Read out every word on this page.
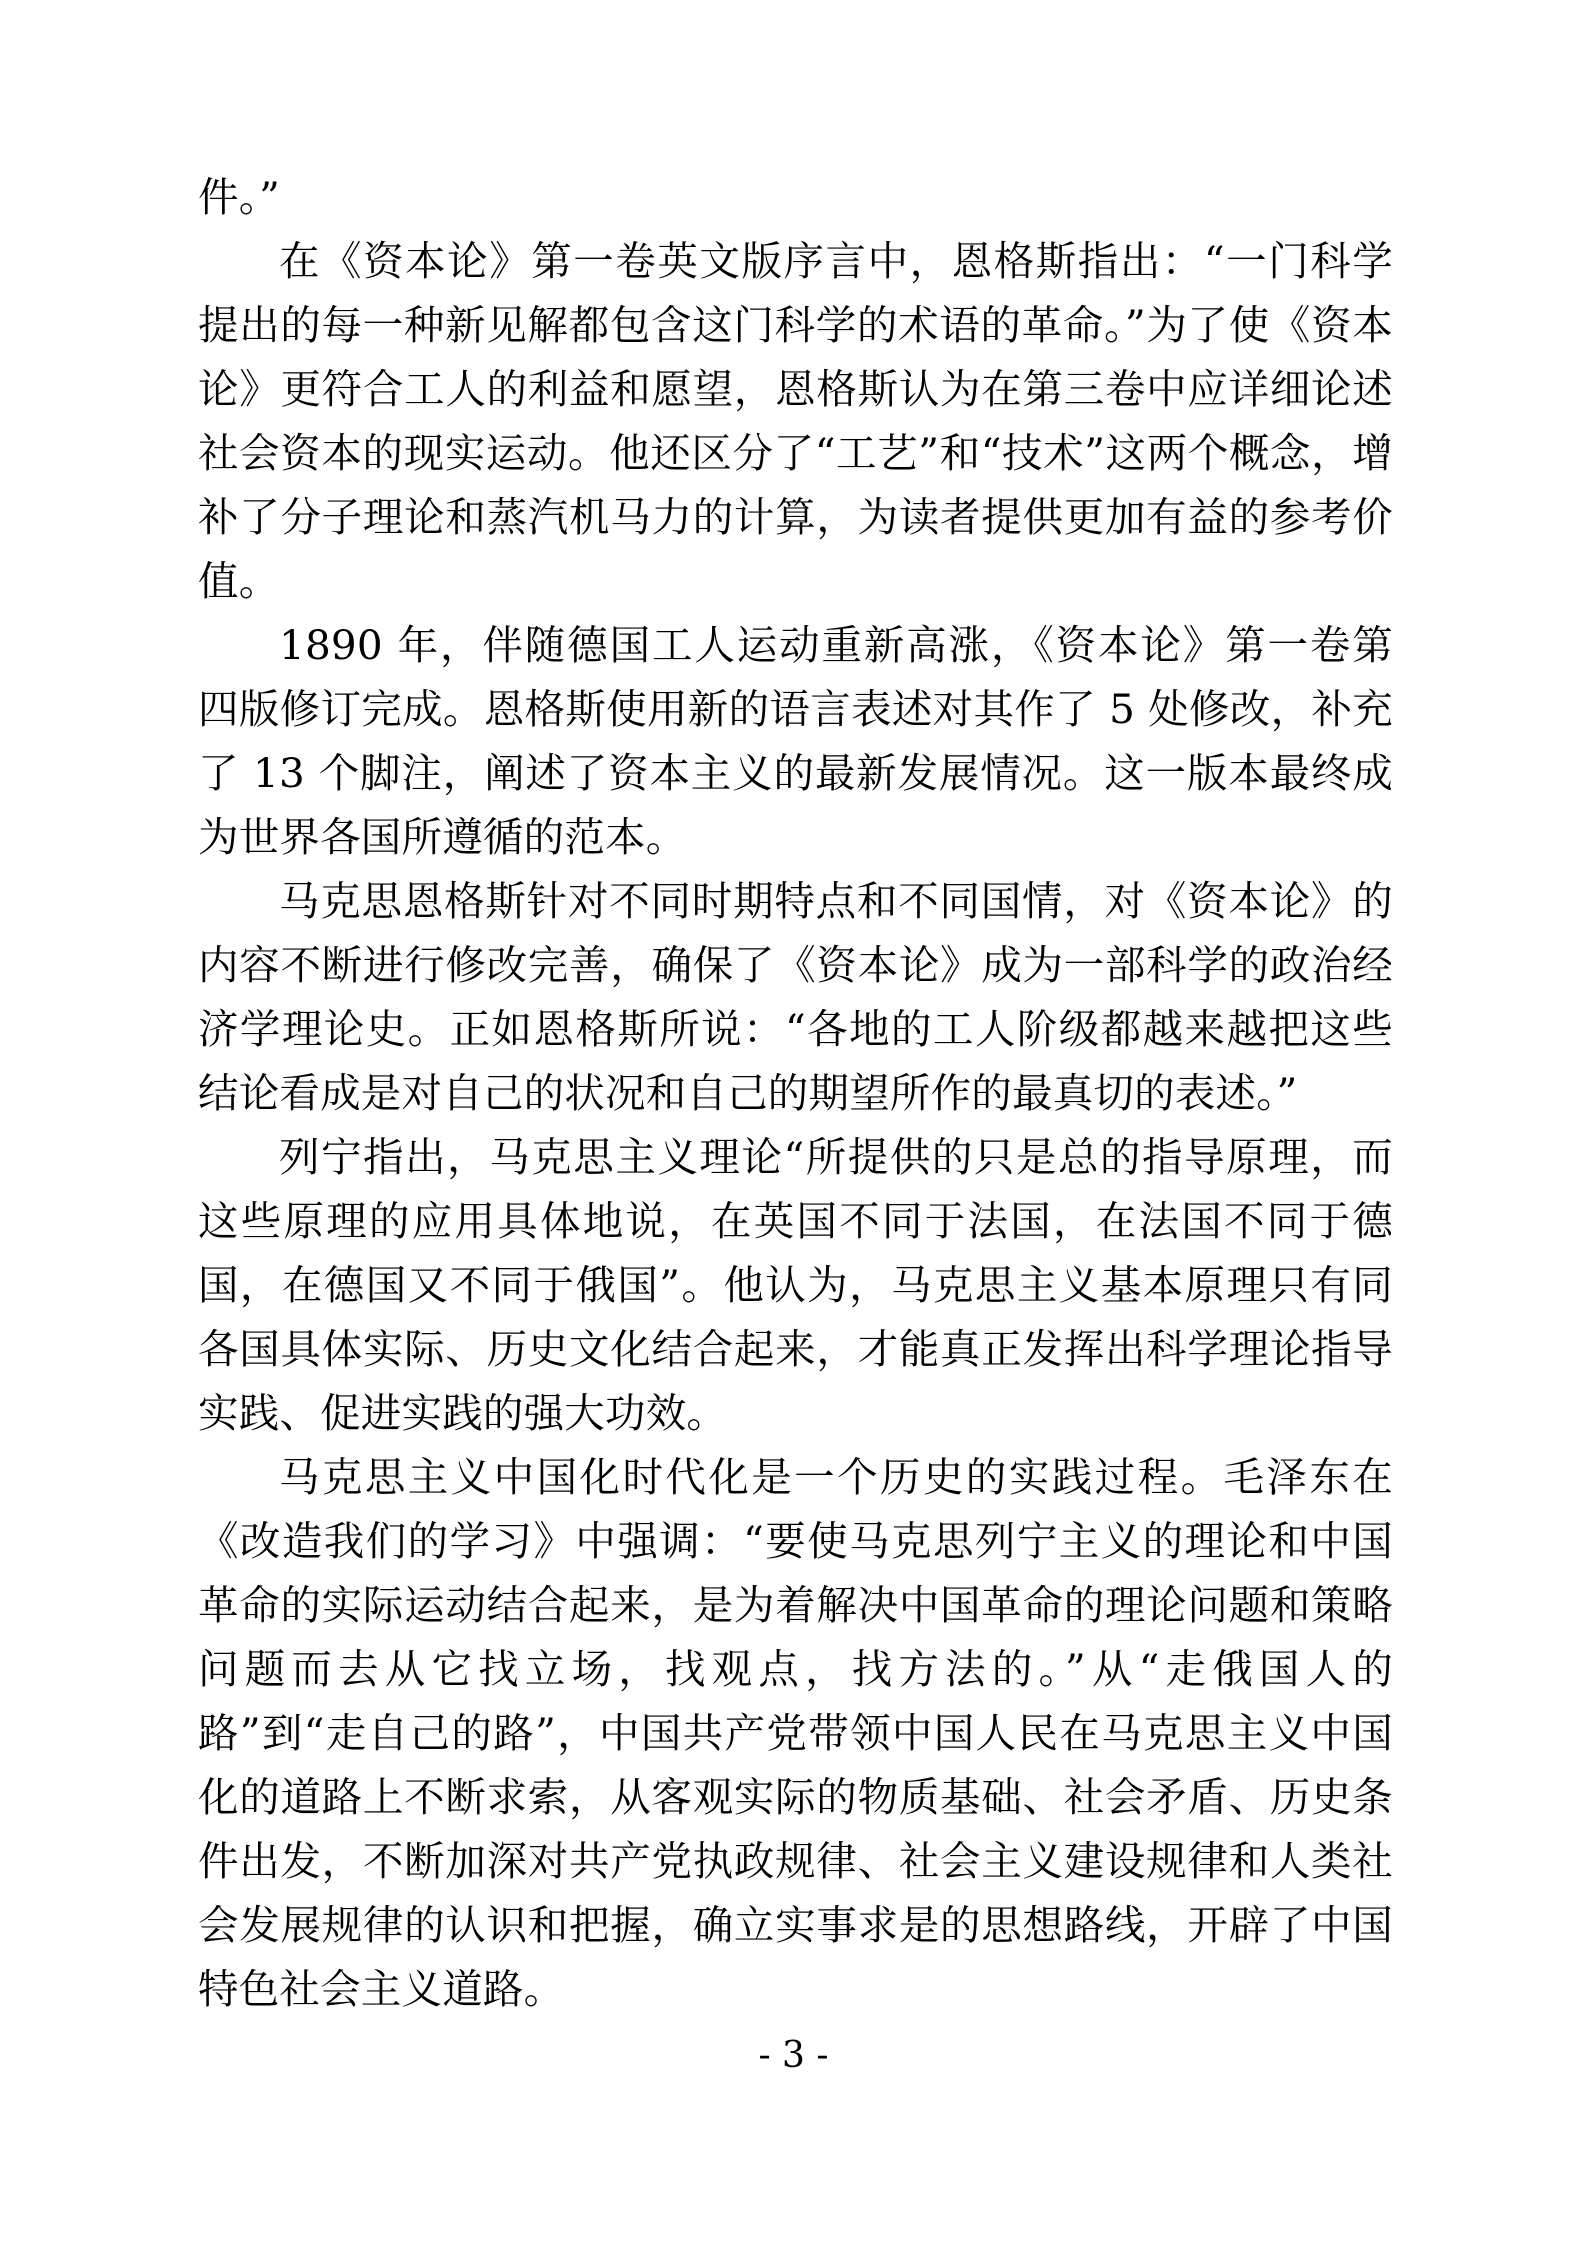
件。”

在《资本论》第一卷英文版序言中，恩格斯指出：“一门科学提出的每一种新见解都包含这门科学的术语的革命。”为了使《资本论》更符合工人的利益和愿望，恩格斯认为在第三卷中应详细论述社会资本的现实运动。他还区分了“工艺”和“技术”这两个概念，增补了分子理论和蒸汽机马力的计算，为读者提供更加有益的参考价值。

1890 年，伴随德国工人运动重新高涨，《资本论》第一卷第四版修订完成。恩格斯使用新的语言表述对其作了 5 处修改，补充了 13 个脚注，阐述了资本主义的最新发展情况。这一版本最终成为世界各国所遵循的范本。

马克思恩格斯针对不同时期特点和不同国情，对《资本论》的内容不断进行修改完善，确保了《资本论》成为一部科学的政治经济学理论史。正如恩格斯所说：“各地的工人阶级都越来越把这些结论看成是对自己的状况和自己的期望所作的最真切的表述。”

列宁指出，马克思主义理论“所提供的只是总的指导原理，而这些原理的应用具体地说，在英国不同于法国，在法国不同于德国，在德国又不同于俄国”。他认为，马克思主义基本原理只有同各国具体实际、历史文化结合起来，才能真正发挥出科学理论指导实践、促进实践的强大功效。

马克思主义中国化时代化是一个历史的实践过程。毛泽东在《改造我们的学习》中强调：“要使马克思列宁主义的理论和中国革命的实际运动结合起来，是为着解决中国革命的理论问题和策略问题而去从它找立场，找观点，找方法的。”从“走俄国人的路”到“走自己的路”，中国共产党带领中国人民在马克思主义中国化的道路上不断求索，从客观实际的物质基础、社会矛盾、历史条件出发，不断加深对共产党执政规律、社会主义建设规律和人类社会发展规律的认识和把握，确立实事求是的思想路线，开辟了中国特色社会主义道路。

- 3 -
